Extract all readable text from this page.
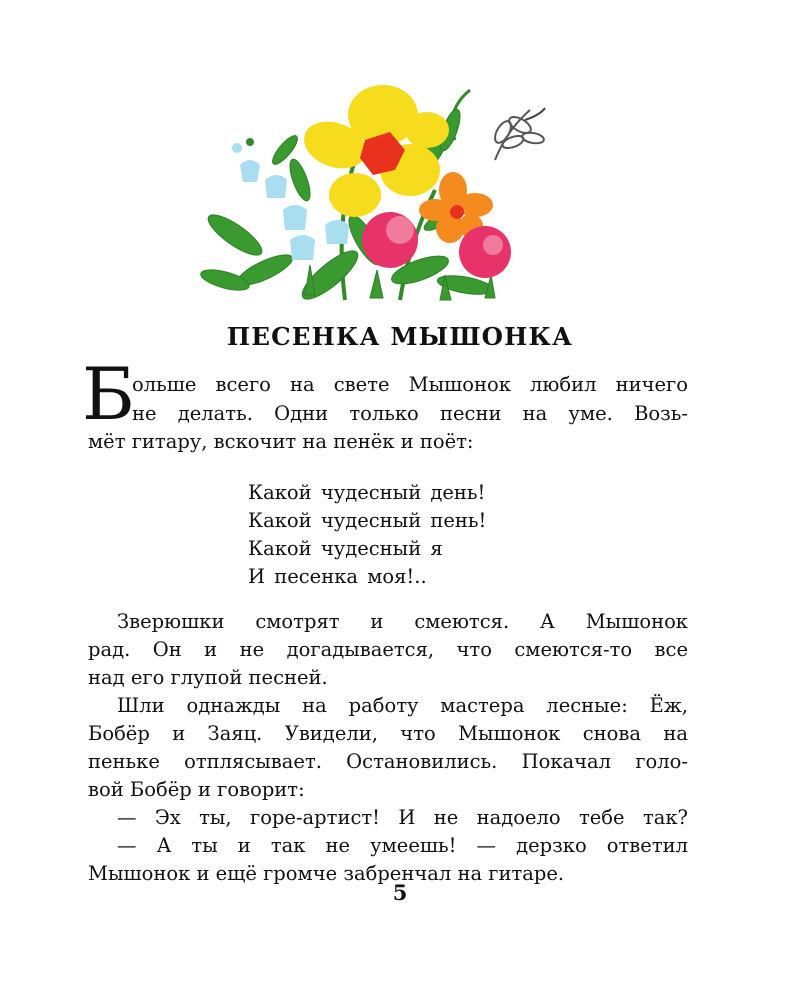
ПЕСЕНКА МЫШОНКА

Б

ольше всего на свете Мышонок любил ничего

не делать. Одни только песни на уме. Возь-

мёт гитару, вскочит на пенёк и поёт:

Какой чудесный день!

Какой чудесный пень!

Какой чудесный я

И песенка моя!..

Зверюшки смотрят и смеются. А Мышонок

рад. Он и не догадывается, что смеются-то все

над его глупой песней.

Шли однажды на работу мастера лесные: Ёж,

Бобёр и Заяц. Увидели, что Мышонок снова на

пеньке отплясывает. Остановились. Покачал голо-

вой Бобёр и говорит:

— Эх ты, горе-артист! И не надоело тебе так?

— А ты и так не умеешь! — дерзко ответил

Мышонок и ещё громче забренчал на гитаре.

5
